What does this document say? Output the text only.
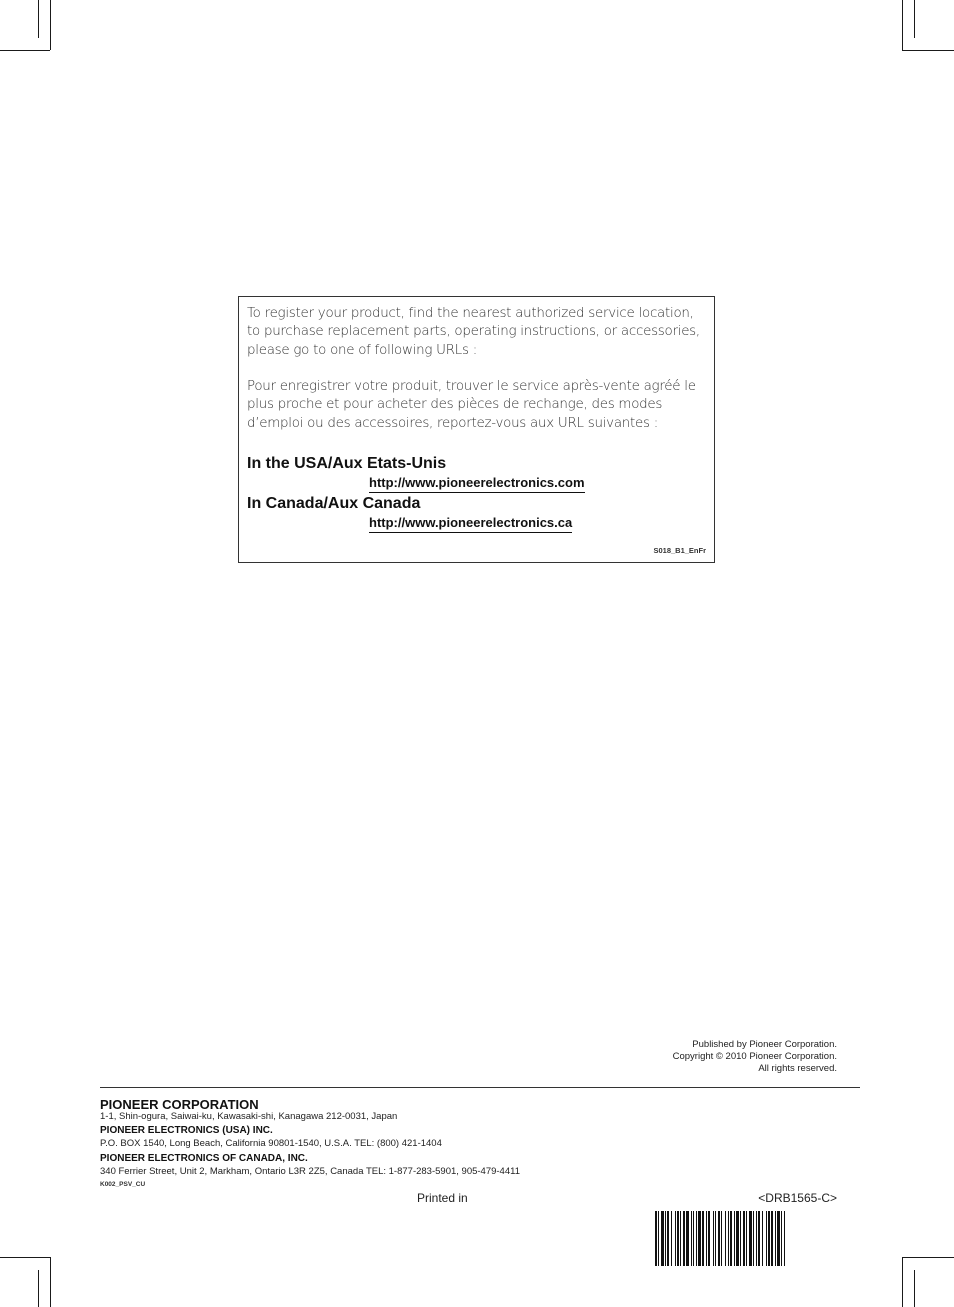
To register your product, find the nearest authorized service location, to purchase replacement parts, operating instructions, or accessories, please go to one of following URLs :

Pour enregistrer votre produit, trouver le service après-vente agréé le plus proche et pour acheter des pièces de rechange, des modes d’emploi ou des accessoires, reportez-vous aux URL suivantes :

In the USA/Aux Etats-Unis
http://www.pioneerelectronics.com
In Canada/Aux Canada
http://www.pioneerelectronics.ca
S018_B1_EnFr
Published by Pioneer Corporation.
Copyright © 2010 Pioneer Corporation.
All rights reserved.
PIONEER CORPORATION
1-1, Shin-ogura, Saiwai-ku, Kawasaki-shi, Kanagawa 212-0031, Japan
PIONEER ELECTRONICS (USA) INC.
P.O. BOX 1540, Long Beach, California 90801-1540, U.S.A. TEL: (800) 421-1404
PIONEER ELECTRONICS OF CANADA, INC.
340 Ferrier Street, Unit 2, Markham, Ontario L3R 2Z5, Canada TEL: 1-877-283-5901, 905-479-4411
K002_PSV_CU
Printed in	<DRB1565-C>
